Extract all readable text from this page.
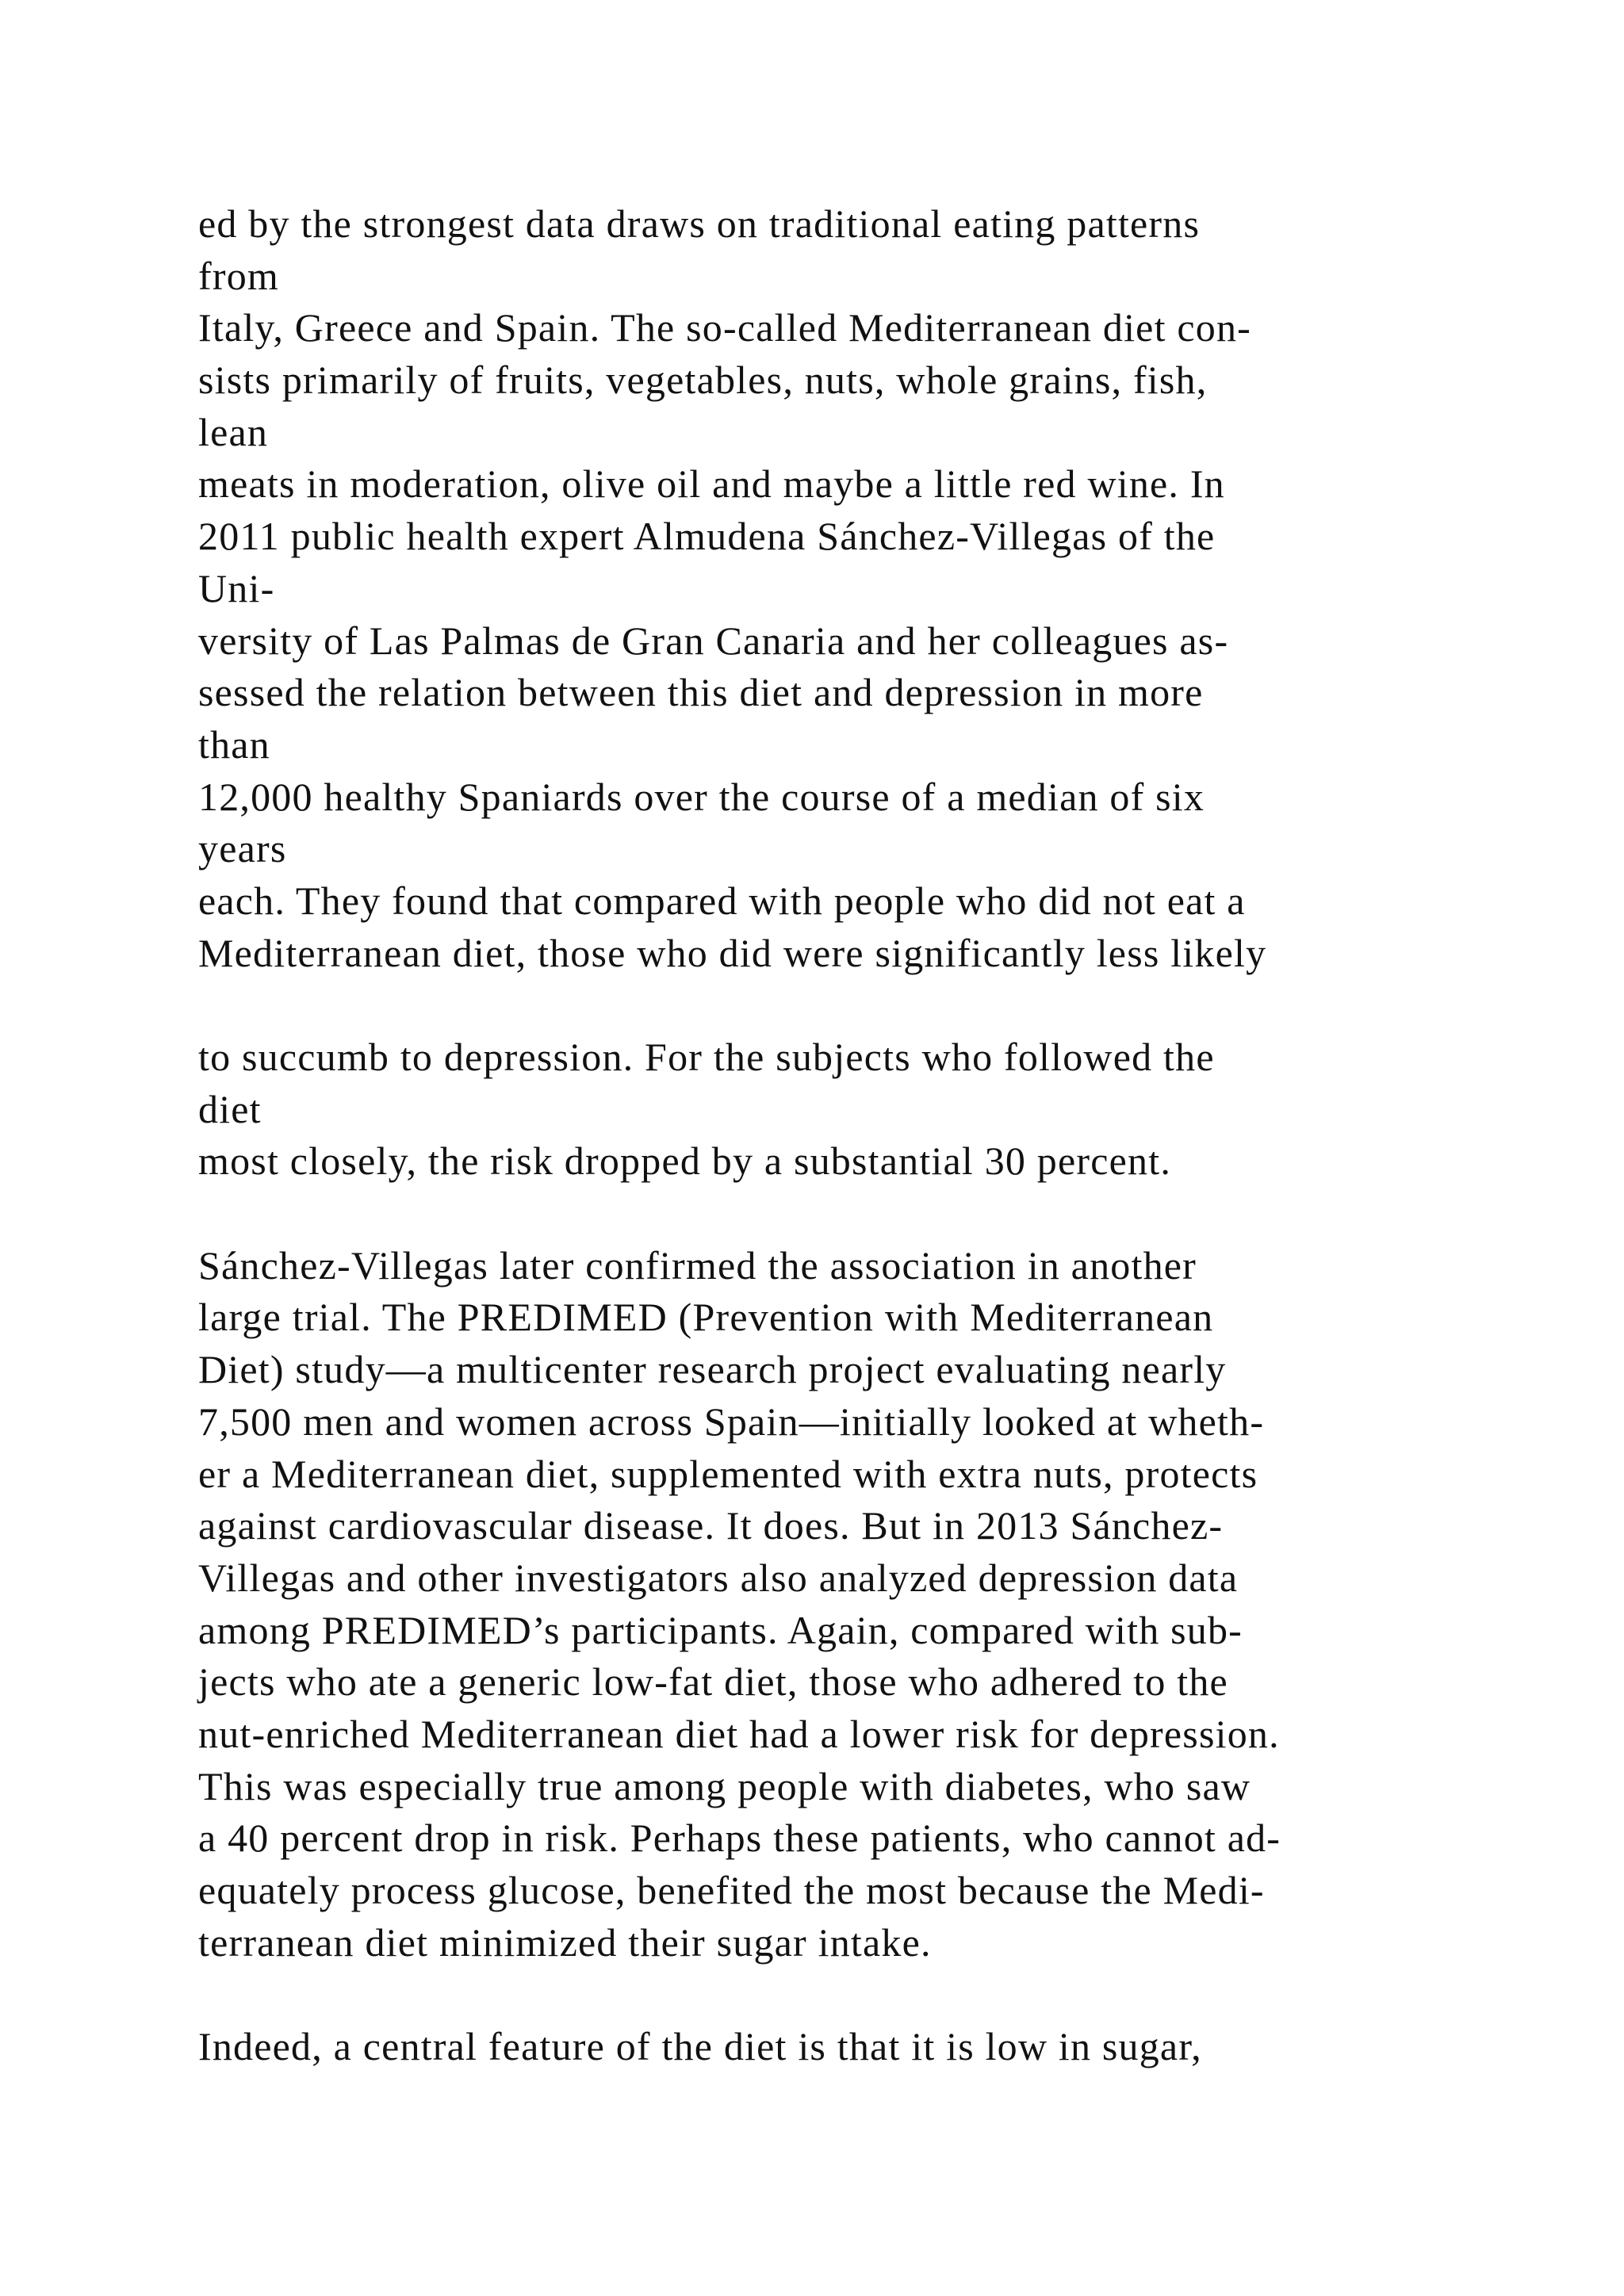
ed by the strongest data draws on traditional eating patterns
from
Italy, Greece and Spain. The so-called Mediterranean diet con-
sists primarily of fruits, vegetables, nuts, whole grains, fish,
lean
meats in moderation, olive oil and maybe a little red wine. In
2011 public health expert Almudena Sánchez-Villegas of the
Uni-
versity of Las Palmas de Gran Canaria and her colleagues as-
sessed the relation between this diet and depression in more
than
12,000 healthy Spaniards over the course of a median of six
years
each. They found that compared with people who did not eat a
Mediterranean diet, those who did were significantly less likely
to succumb to depression. For the subjects who followed the
diet
most closely, the risk dropped by a substantial 30 percent.
Sánchez-Villegas later confirmed the association in another
large trial. The PREDIMED (Prevention with Mediterranean
Diet) study—a multicenter research project evaluating nearly
7,500 men and women across Spain—initially looked at wheth-
er a Mediterranean diet, supplemented with extra nuts, protects
against cardiovascular disease. It does. But in 2013 Sánchez-
Villegas and other investigators also analyzed depression data
among PREDIMED’s participants. Again, compared with sub-
jects who ate a generic low-fat diet, those who adhered to the
nut-enriched Mediterranean diet had a lower risk for depression.
This was especially true among people with diabetes, who saw
a 40 percent drop in risk. Perhaps these patients, who cannot ad-
equately process glucose, benefited the most because the Medi-
terranean diet minimized their sugar intake.
Indeed, a central feature of the diet is that it is low in sugar,
